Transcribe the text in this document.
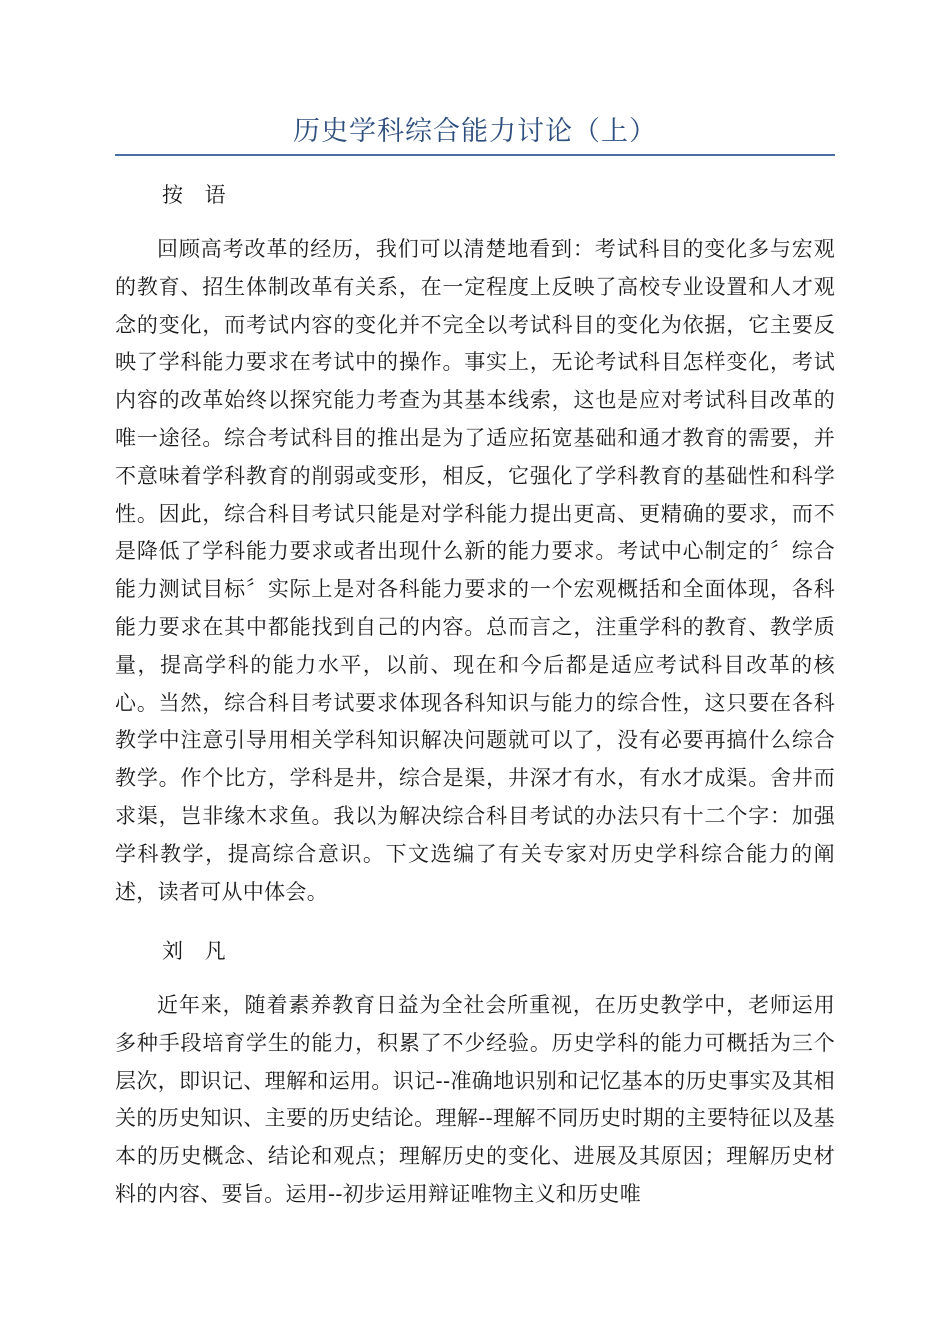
历史学科综合能力讨论（上）

按　语

回顾高考改革的经历，我们可以清楚地看到：考试科目的变化多与宏观的教育、招生体制改革有关系，在一定程度上反映了高校专业设置和人才观念的变化，而考试内容的变化并不完全以考试科目的变化为依据，它主要反映了学科能力要求在考试中的操作。事实上，无论考试科目怎样变化，考试内容的改革始终以探究能力考查为其基本线索，这也是应对考试科目改革的唯一途径。综合考试科目的推出是为了适应拓宽基础和通才教育的需要，并不意味着学科教育的削弱或变形，相反，它强化了学科教育的基础性和科学性。因此，综合科目考试只能是对学科能力提出更高、更精确的要求，而不是降低了学科能力要求或者出现什么新的能力要求。考试中心制定的〞综合能力测试目标〞实际上是对各科能力要求的一个宏观概括和全面体现，各科能力要求在其中都能找到自己的内容。总而言之，注重学科的教育、教学质量，提高学科的能力水平，以前、现在和今后都是适应考试科目改革的核心。当然，综合科目考试要求体现各科知识与能力的综合性，这只要在各科教学中注意引导用相关学科知识解决问题就可以了，没有必要再搞什么综合教学。作个比方，学科是井，综合是渠，井深才有水，有水才成渠。舍井而求渠，岂非缘木求鱼。我以为解决综合科目考试的办法只有十二个字：加强学科教学，提高综合意识。下文选编了有关专家对历史学科综合能力的阐述，读者可从中体会。

刘　凡

近年来，随着素养教育日益为全社会所重视，在历史教学中，老师运用多种手段培育学生的能力，积累了不少经验。历史学科的能力可概括为三个层次，即识记、理解和运用。识记--准确地识别和记忆基本的历史事实及其相关的历史知识、主要的历史结论。理解--理解不同历史时期的主要特征以及基本的历史概念、结论和观点；理解历史的变化、进展及其原因；理解历史材料的内容、要旨。运用--初步运用辩证唯物主义和历史唯
